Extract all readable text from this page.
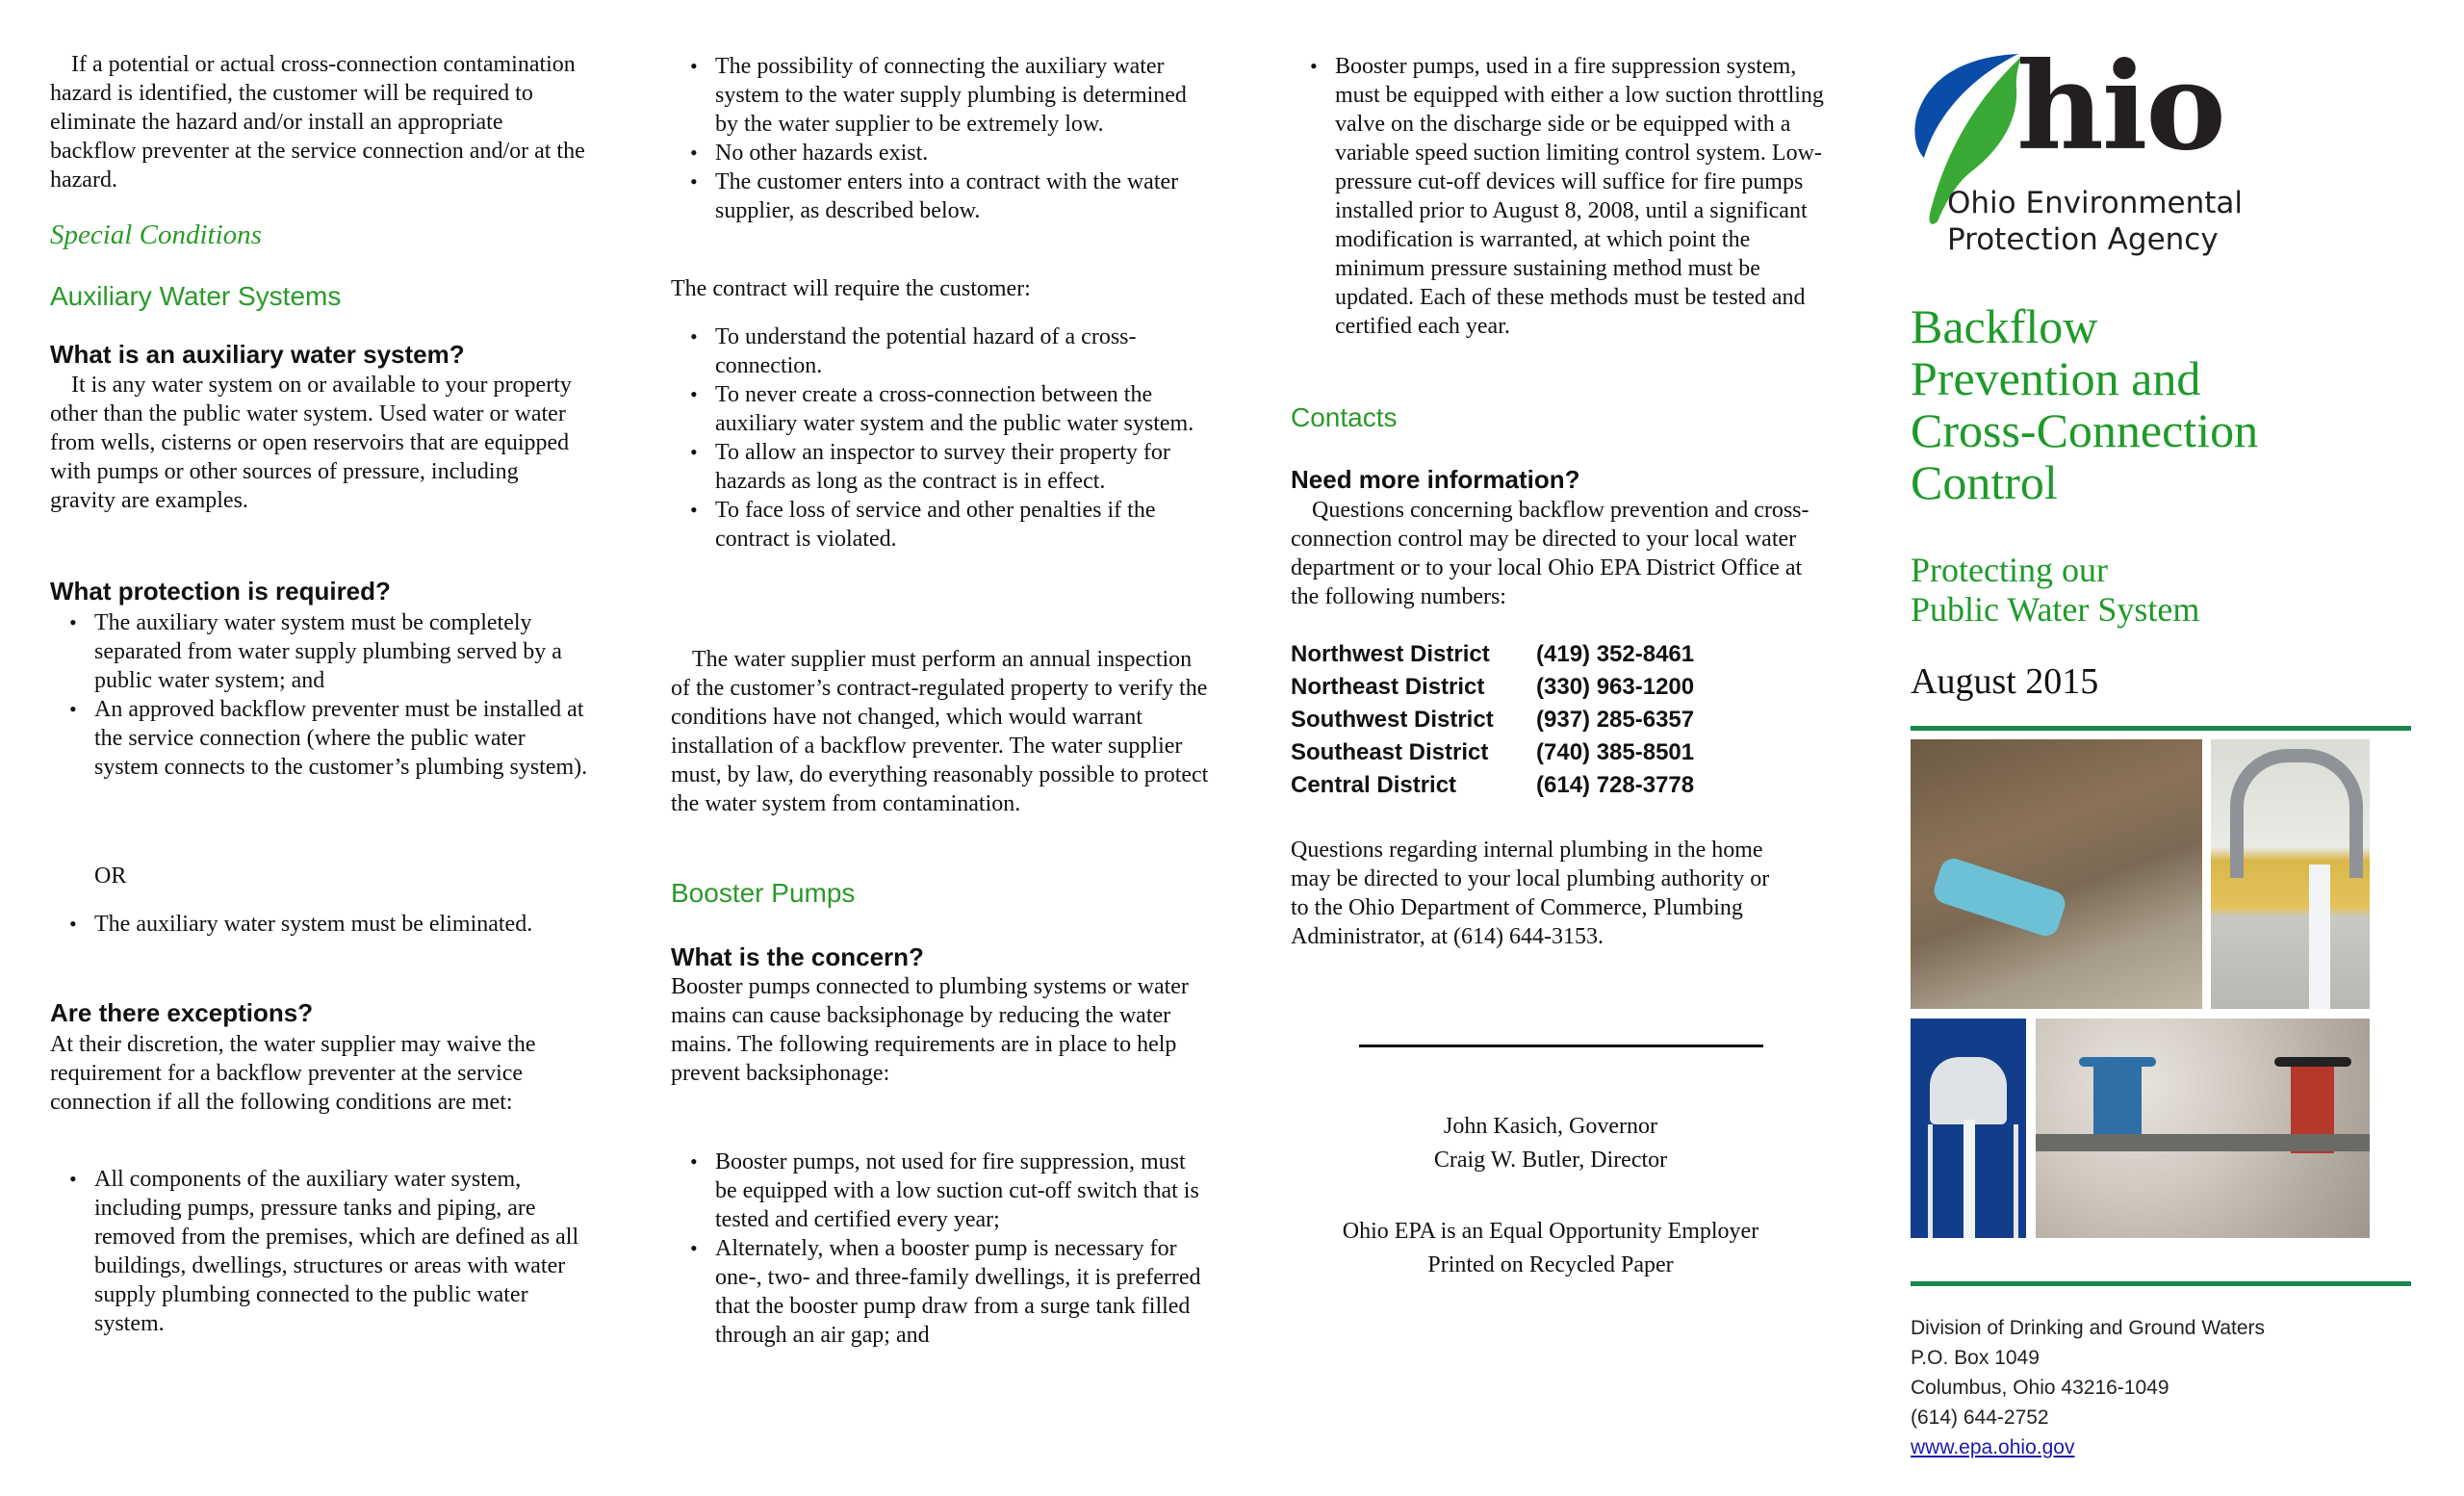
If a potential or actual cross-connection contamination hazard is identified, the customer will be required to eliminate the hazard and/or install an appropriate backflow preventer at the service connection and/or at the hazard.

Special Conditions
Auxiliary Water Systems
What is an auxiliary water system?

It is any water system on or available to your property other than the public water system. Used water or water from wells, cisterns or open reservoirs that are equipped with pumps or other sources of pressure, including gravity are examples.

What protection is required?
• The auxiliary water system must be completely separated from water supply plumbing served by a public water system; and
• An approved backflow preventer must be installed at the service connection (where the public water system connects to the customer’s plumbing system).

OR

• The auxiliary water system must be eliminated.
Are there exceptions?

At their discretion, the water supplier may waive the requirement for a backflow preventer at the service connection if all the following conditions are met:

• All components of the auxiliary water system, including pumps, pressure tanks and piping, are removed from the premises, which are defined as all buildings, dwellings, structures or areas with water supply plumbing connected to the public water system.
• The possibility of connecting the auxiliary water system to the water supply plumbing is determined by the water supplier to be extremely low.
• No other hazards exist.
• The customer enters into a contract with the water supplier, as described below.

The contract will require the customer:

• To understand the potential hazard of a cross-connection.
• To never create a cross-connection between the auxiliary water system and the public water system.
• To allow an inspector to survey their property for hazards as long as the contract is in effect.
• To face loss of service and other penalties if the contract is violated.

The water supplier must perform an annual inspection of the customer’s contract-regulated property to verify the conditions have not changed, which would warrant installation of a backflow preventer. The water supplier must, by law, do everything reasonably possible to protect the water system from contamination.

Booster Pumps
What is the concern?

Booster pumps connected to plumbing systems or water mains can cause backsiphonage by reducing the water mains. The following requirements are in place to help prevent backsiphonage:

• Booster pumps, not used for fire suppression, must be equipped with a low suction cut-off switch that is tested and certified every year;
• Alternately, when a booster pump is necessary for one-, two- and three-family dwellings, it is preferred that the booster pump draw from a surge tank filled through an air gap; and
• Booster pumps, used in a fire suppression system, must be equipped with either a low suction throttling valve on the discharge side or be equipped with a variable speed suction limiting control system. Low-pressure cut-off devices will suffice for fire pumps installed prior to August 8, 2008, until a significant modification is warranted, at which point the minimum pressure sustaining method must be updated. Each of these methods must be tested and certified each year.
Contacts
Need more information?

Questions concerning backflow prevention and cross-connection control may be directed to your local water department or to your local Ohio EPA District Office at the following numbers:

Northwest District	(419) 352-8461
Northeast District	(330) 963-1200
Southwest District	(937) 285-6357
Southeast District	(740) 385-8501
Central District	(614) 728-3778

Questions regarding internal plumbing in the home may be directed to your local plumbing authority or to the Ohio Department of Commerce, Plumbing Administrator, at (614) 644-3153.

John Kasich, Governor

Craig W. Butler, Director

Ohio EPA is an Equal Opportunity Employer

Printed on Recycled Paper

hio
Ohio Environmental
Protection Agency

Backflow

Prevention and

Cross-Connection

Control

Protecting our

Public Water System

August 2015

Division of Drinking and Ground Waters
P.O. Box 1049
Columbus, Ohio 43216-1049
(614) 644-2752
www.epa.ohio.gov
